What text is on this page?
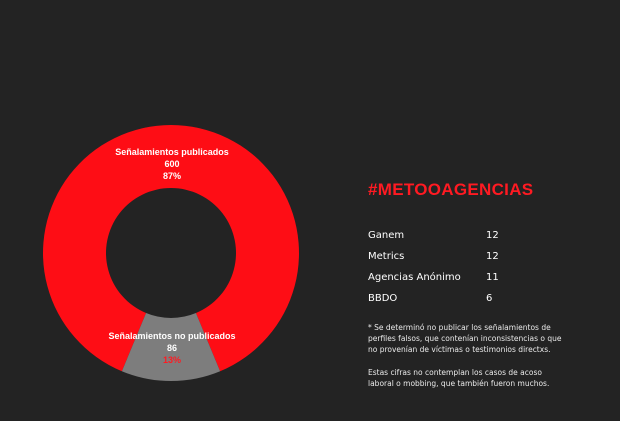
Señalamientos publicados
600
87%
Señalamientos no publicados
86
13%
#METOOAGENCIAS
Ganem	12
Metrics	12
Agencias Anónimo	11
BBDO	6
* Se determinó no publicar los señalamientos de perfiles falsos, que contenían inconsistencias o que no provenían de víctimas o testimonios directxs.
Estas cifras no contemplan los casos de acoso laboral o mobbing, que también fueron muchos.
